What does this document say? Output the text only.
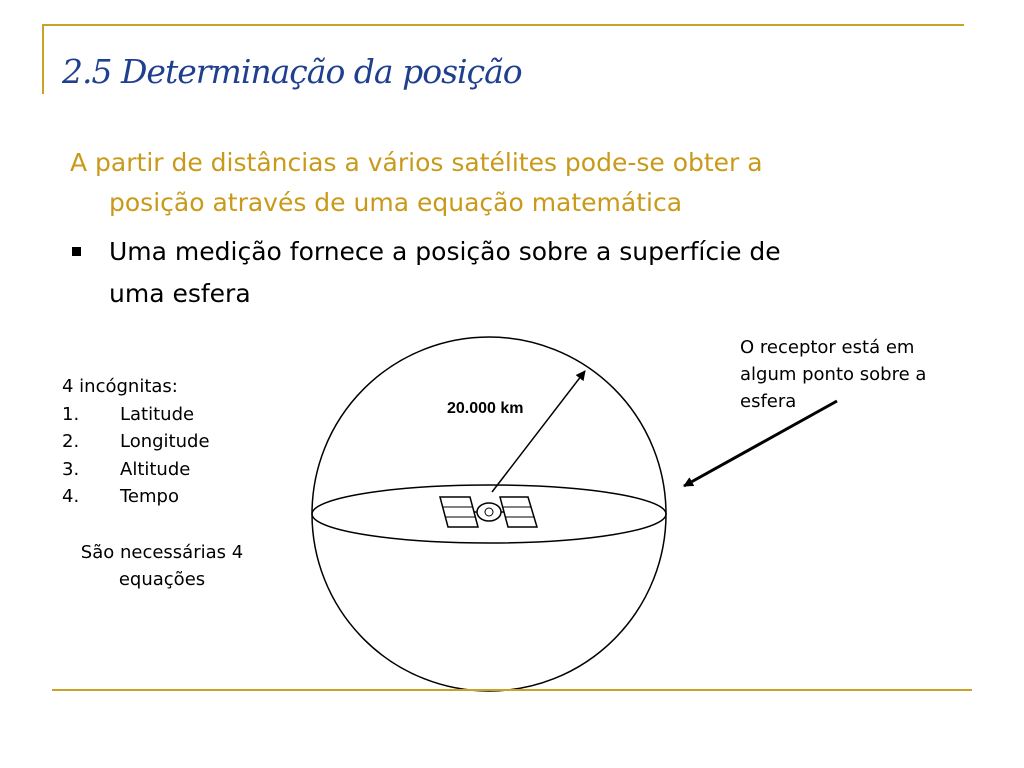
2.5 Determinação da posição
A partir de distâncias a vários satélites pode-se obter a
posição através de uma equação matemática
Uma medição fornece a posição sobre a superfície de
uma esfera
4 incógnitas:
1.	Latitude
2.	Longitude
3.	Altitude
4.	Tempo
São necessárias 4 equações
O receptor está em algum ponto sobre a esfera
20.000 km
